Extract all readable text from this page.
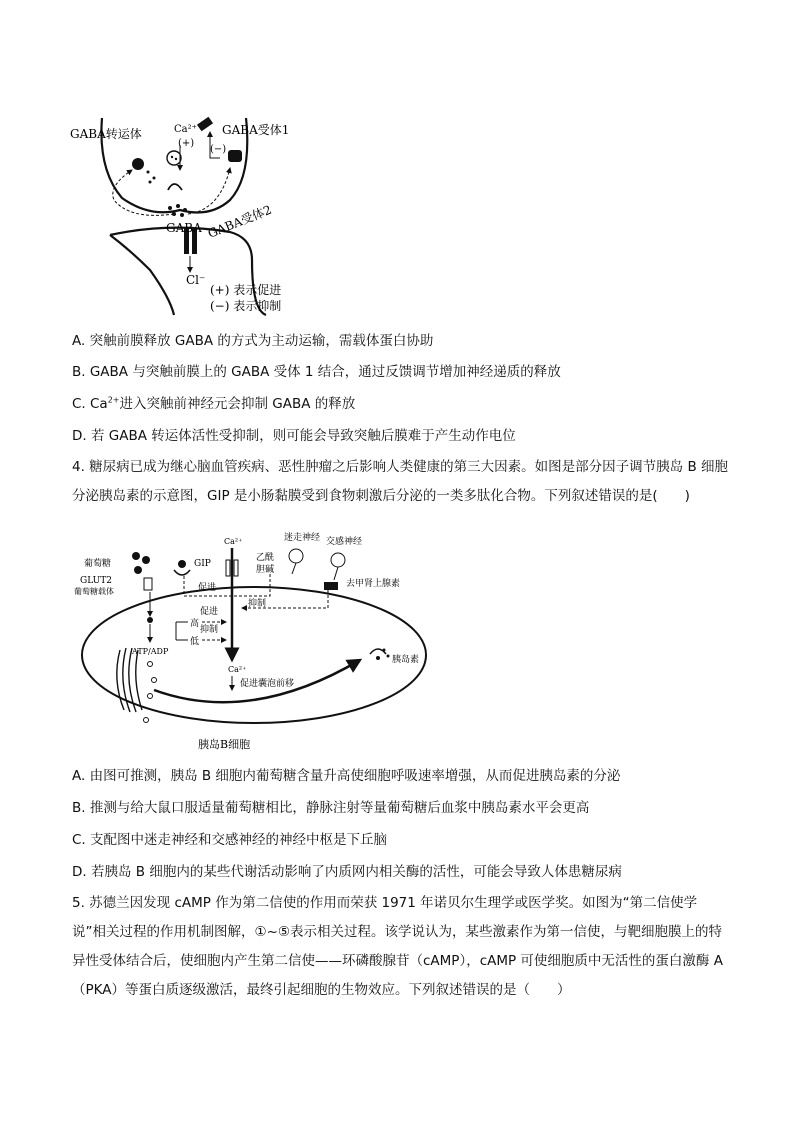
GABA转运体	Ca²⁺
(+)
(−)
GABA受体1
GABA GABA受体2
Cl⁻
(+) 表示促进
(−) 表示抑制
A. 突触前膜释放 GABA 的方式为主动运输，需载体蛋白协助
B. GABA 与突触前膜上的 GABA 受体 1 结合，通过反馈调节增加神经递质的释放
C. $Ca^{2+}$进入突触前神经元会抑制 GABA 的释放
D. 若 GABA 转运体活性受抑制，则可能会导致突触后膜难于产生动作电位
4. 糖尿病已成为继心脑血管疾病、恶性肿瘤之后影响人类健康的第三大因素。如图是部分因子调节胰岛 B 细胞分泌胰岛素的示意图，GIP 是小肠黏膜受到食物刺激后分泌的一类多肽化合物。下列叙述错误的是(　　)
葡萄糖
GLUT2
葡萄糖载体
GIP
Ca²⁺
Ca²⁺
促进囊泡前移
乙酰
胆碱
迷走神经 交感神经
去甲肾上腺素
促进
抑制
ATP/ADP
高
促进
低
抑制
胰岛素
胰岛B细胞
A. 由图可推测，胰岛 B 细胞内葡萄糖含量升高使细胞呼吸速率增强，从而促进胰岛素的分泌
B. 推测与给大鼠口服适量葡萄糖相比，静脉注射等量葡萄糖后血浆中胰岛素水平会更高
C. 支配图中迷走神经和交感神经的神经中枢是下丘脑
D. 若胰岛 B 细胞内的某些代谢活动影响了内质网内相关酶的活性，可能会导致人体患糖尿病
5. 苏德兰因发现 cAMP 作为第二信使的作用而荣获 1971 年诺贝尔生理学或医学奖。如图为“第二信使学说”相关过程的作用机制图解，①~⑤表示相关过程。该学说认为，某些激素作为第一信使，与靶细胞膜上的特异性受体结合后，使细胞内产生第二信使——环磷酸腺苷（cAMP），cAMP 可使细胞质中无活性的蛋白激酶 A（PKA）等蛋白质逐级激活，最终引起细胞的生物效应。下列叙述错误的是（　　）
